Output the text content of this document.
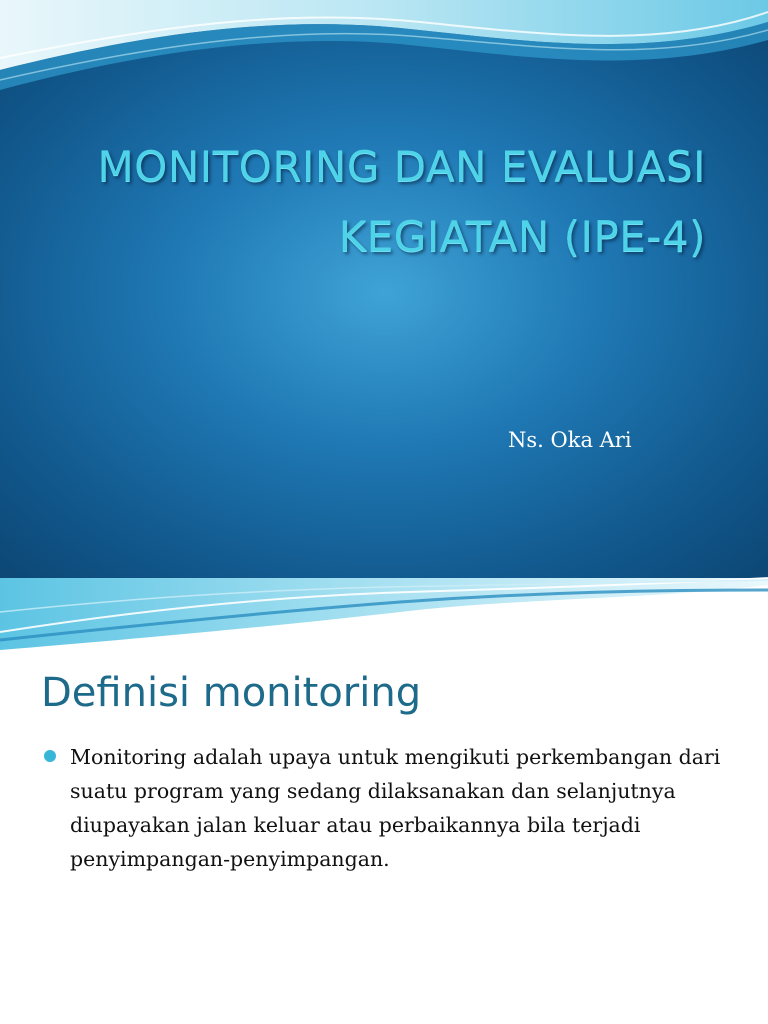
MONITORING DAN EVALUASI
KEGIATAN (IPE-4)
Ns. Oka Ari
Definisi monitoring
Monitoring adalah upaya untuk mengikuti perkembangan dari suatu program yang sedang dilaksanakan dan selanjutnya diupayakan jalan keluar atau perbaikannya bila terjadi penyimpangan-penyimpangan.
